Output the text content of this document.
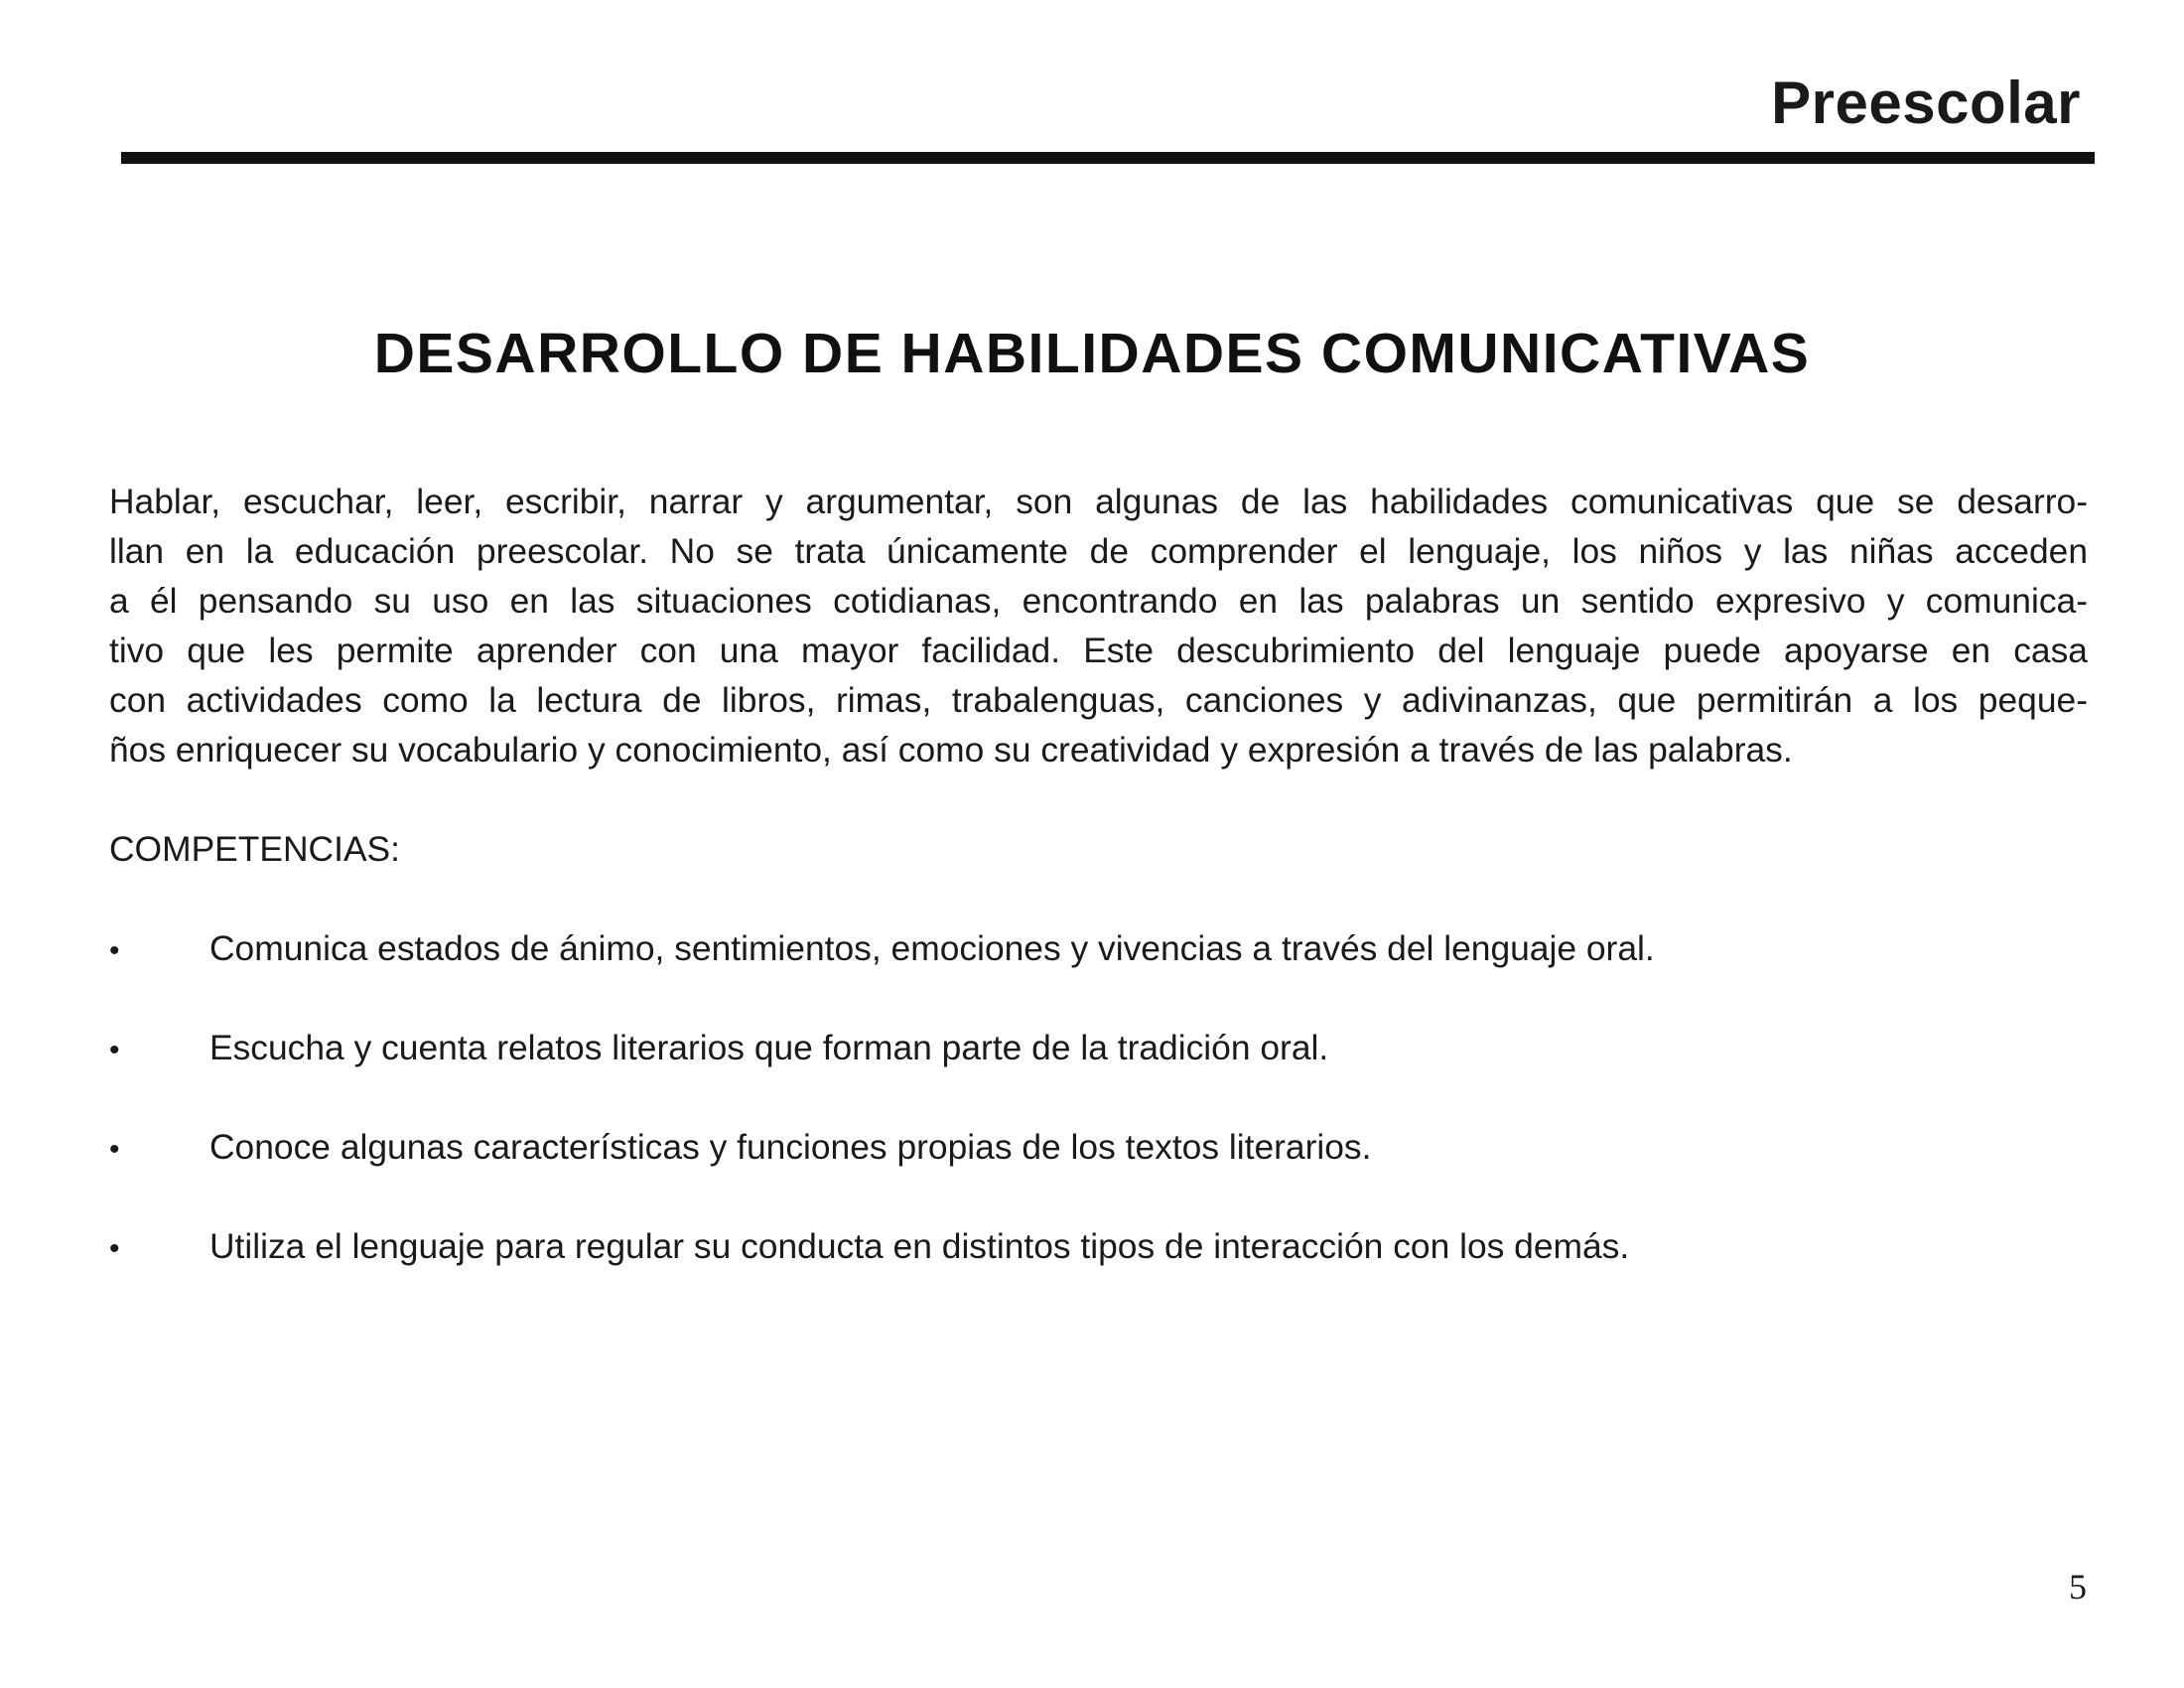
Preescolar
DESARROLLO DE HABILIDADES COMUNICATIVAS
Hablar, escuchar, leer, escribir, narrar y argumentar, son algunas de las habilidades comunicativas que se desarro-
llan en la educación preescolar. No se trata únicamente de comprender el lenguaje, los niños y las niñas acceden
a él pensando su uso en las situaciones cotidianas, encontrando en las palabras un sentido expresivo y comunica-
tivo que les permite aprender con una mayor facilidad. Este descubrimiento del lenguaje puede apoyarse en casa
con actividades como la lectura de libros, rimas, trabalenguas, canciones y adivinanzas, que permitirán a los peque-
ños enriquecer su vocabulario y conocimiento, así como su creatividad y expresión a través de las palabras.
COMPETENCIAS:
•	Comunica estados de ánimo, sentimientos, emociones y vivencias a través del lenguaje oral.
•	Escucha y cuenta relatos literarios que forman parte de la tradición oral.
•	Conoce algunas características y funciones propias de los textos literarios.
•	Utiliza el lenguaje para regular su conducta en distintos tipos de interacción con los demás.
5
